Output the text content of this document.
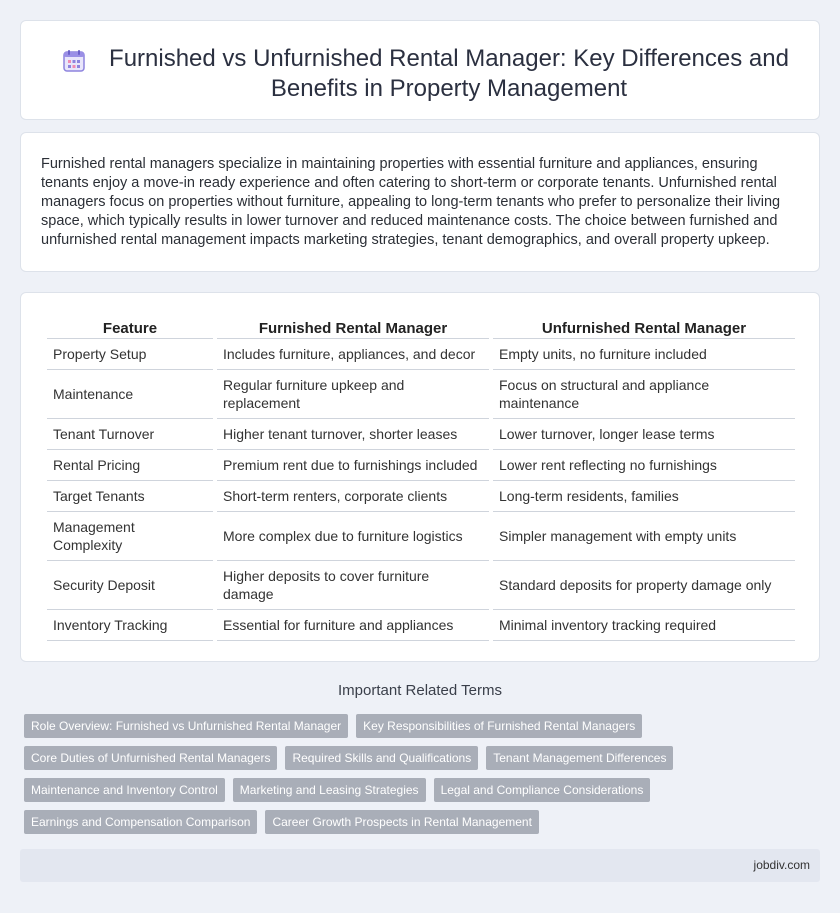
Furnished vs Unfurnished Rental Manager: Key Differences and Benefits in Property Management

Furnished rental managers specialize in maintaining properties with essential furniture and appliances, ensuring tenants enjoy a move-in ready experience and often catering to short-term or corporate tenants. Unfurnished rental managers focus on properties without furniture, appealing to long-term tenants who prefer to personalize their living space, which typically results in lower turnover and reduced maintenance costs. The choice between furnished and unfurnished rental management impacts marketing strategies, tenant demographics, and overall property upkeep.

Feature	Furnished Rental Manager	Unfurnished Rental Manager
Property Setup	Includes furniture, appliances, and decor	Empty units, no furniture included
Maintenance	Regular furniture upkeep and replacement	Focus on structural and appliance maintenance
Tenant Turnover	Higher tenant turnover, shorter leases	Lower turnover, longer lease terms
Rental Pricing	Premium rent due to furnishings included	Lower rent reflecting no furnishings
Target Tenants	Short-term renters, corporate clients	Long-term residents, families
Management Complexity	More complex due to furniture logistics	Simpler management with empty units
Security Deposit	Higher deposits to cover furniture damage	Standard deposits for property damage only
Inventory Tracking	Essential for furniture and appliances	Minimal inventory tracking required
Important Related Terms
Role Overview: Furnished vs Unfurnished Rental Manager	Key Responsibilities of Furnished Rental Managers
Core Duties of Unfurnished Rental Managers	Required Skills and Qualifications	Tenant Management Differences
Maintenance and Inventory Control	Marketing and Leasing Strategies	Legal and Compliance Considerations
Earnings and Compensation Comparison	Career Growth Prospects in Rental Management
jobdiv.com
